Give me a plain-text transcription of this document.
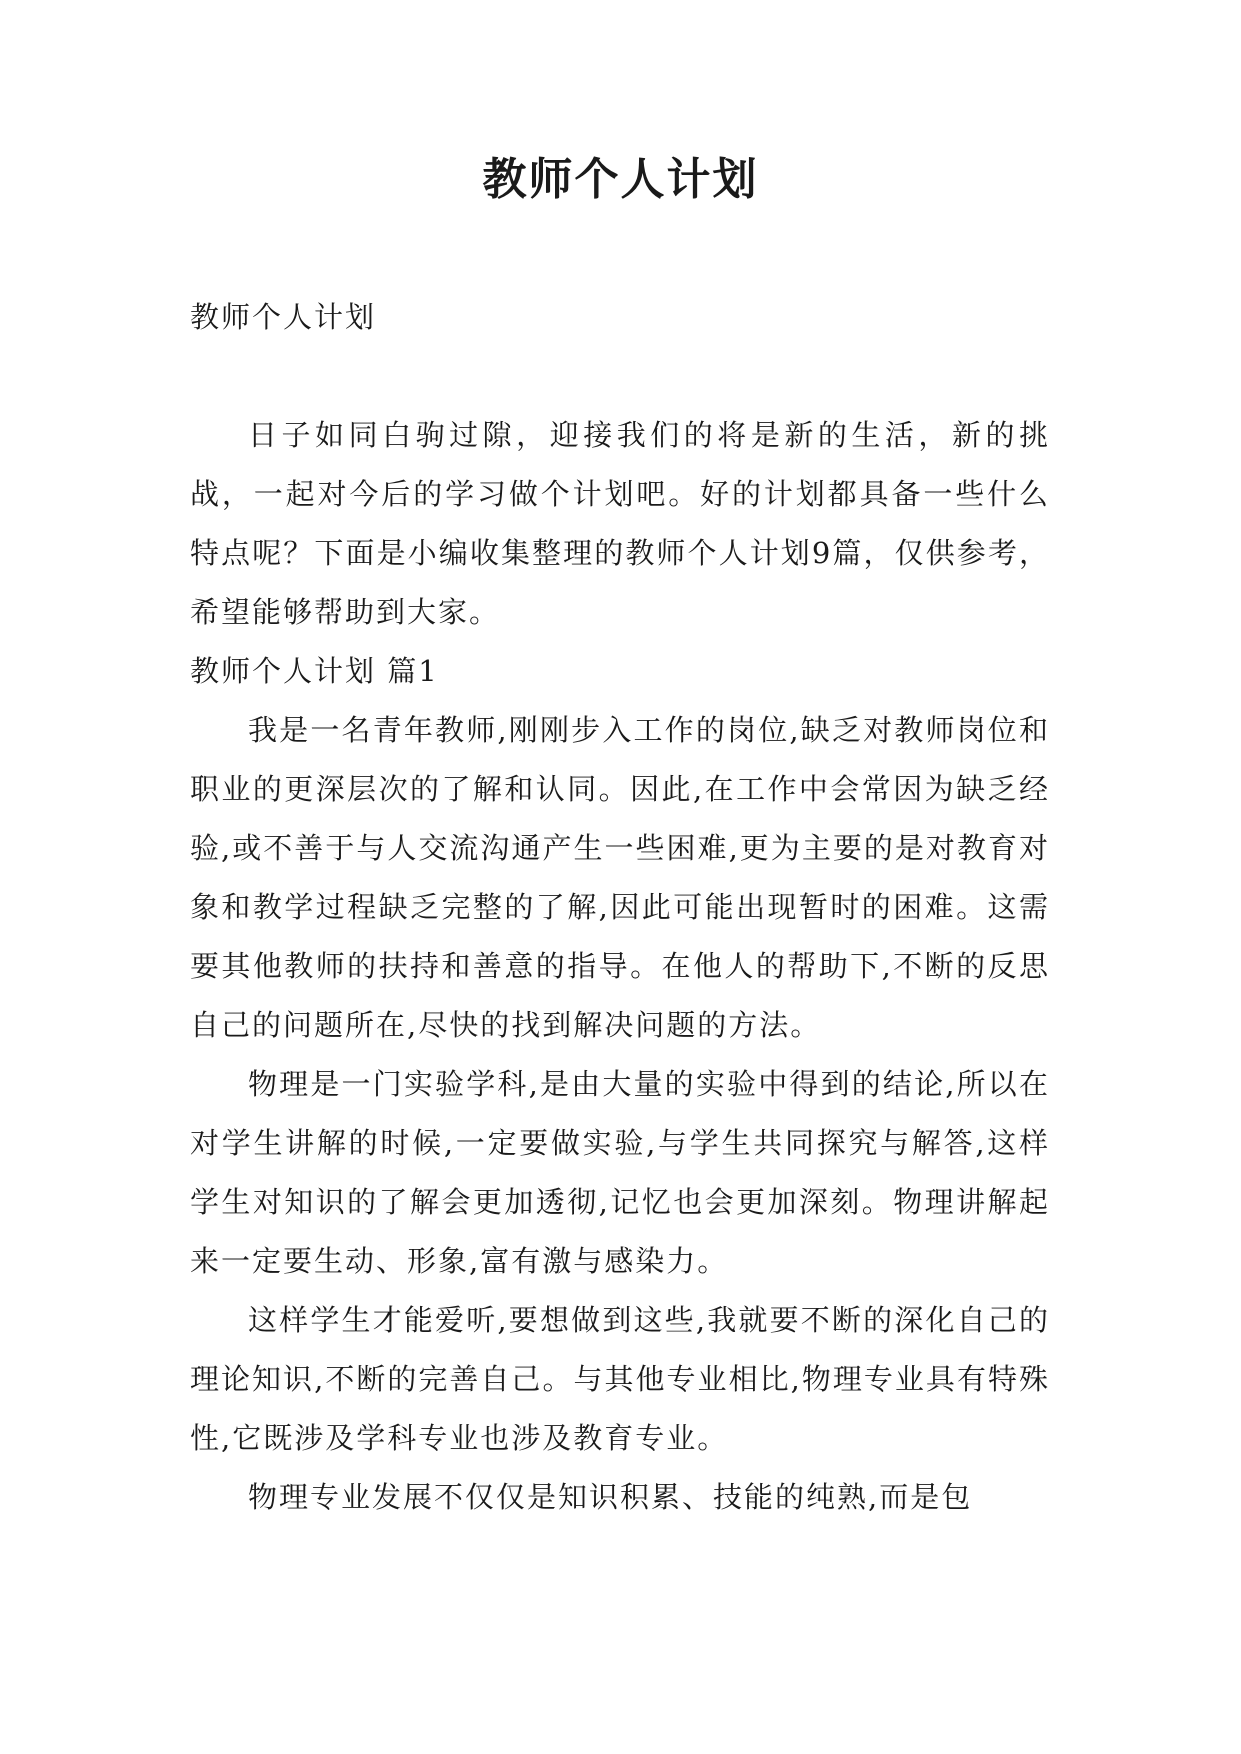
教师个人计划

教师个人计划

日子如同白驹过隙，迎接我们的将是新的生活，新的挑战，一起对今后的学习做个计划吧。好的计划都具备一些什么特点呢？下面是小编收集整理的教师个人计划9篇，仅供参考，希望能够帮助到大家。

教师个人计划 篇1

我是一名青年教师,刚刚步入工作的岗位,缺乏对教师岗位和职业的更深层次的了解和认同。因此,在工作中会常因为缺乏经验,或不善于与人交流沟通产生一些困难,更为主要的是对教育对象和教学过程缺乏完整的了解,因此可能出现暂时的困难。这需要其他教师的扶持和善意的指导。在他人的帮助下,不断的反思自己的问题所在,尽快的找到解决问题的方法。

物理是一门实验学科,是由大量的实验中得到的结论,所以在对学生讲解的时候,一定要做实验,与学生共同探究与解答,这样学生对知识的了解会更加透彻,记忆也会更加深刻。物理讲解起来一定要生动、形象,富有激与感染力。

这样学生才能爱听,要想做到这些,我就要不断的深化自己的理论知识,不断的完善自己。与其他专业相比,物理专业具有特殊性,它既涉及学科专业也涉及教育专业。

物理专业发展不仅仅是知识积累、技能的纯熟,而是包
